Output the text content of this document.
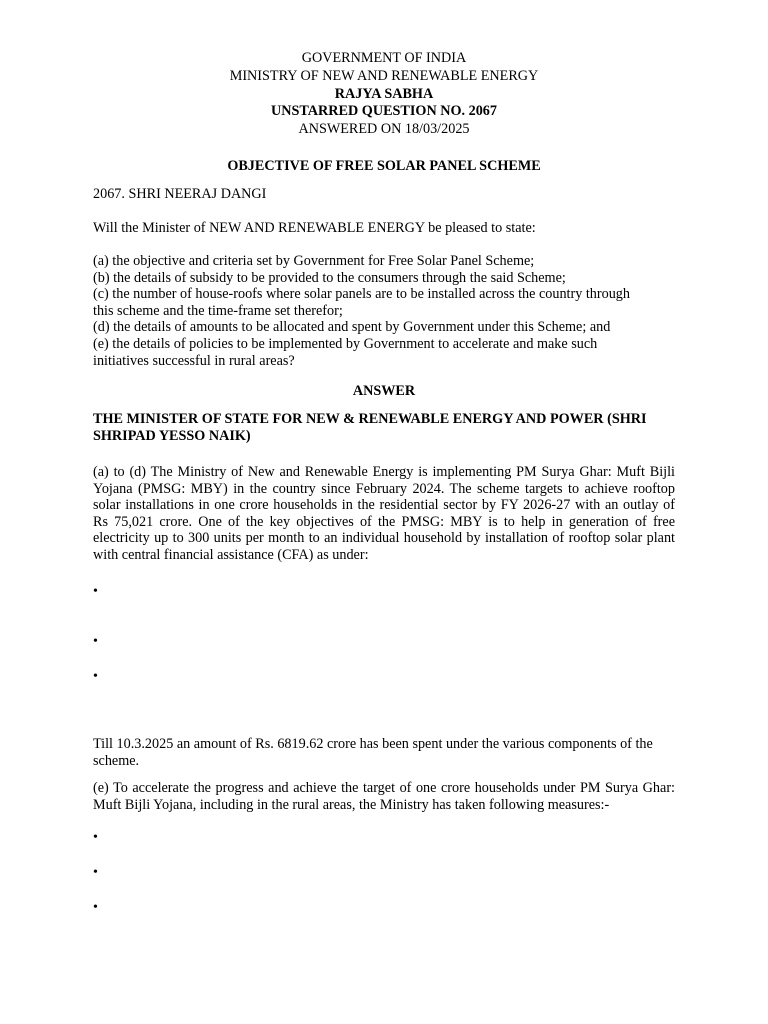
GOVERNMENT OF INDIA
MINISTRY OF NEW AND RENEWABLE ENERGY
RAJYA SABHA
UNSTARRED QUESTION NO. 2067
ANSWERED ON 18/03/2025
OBJECTIVE OF FREE SOLAR PANEL SCHEME
2067. SHRI NEERAJ DANGI
Will the Minister of NEW AND RENEWABLE ENERGY be pleased to state:

(a) the objective and criteria set by Government for Free Solar Panel Scheme;

(b) the details of subsidy to be provided to the consumers through the said Scheme;

(c) the number of house-roofs where solar panels are to be installed across the country through this scheme and the time-frame set therefor;

(d) the details of amounts to be allocated and spent by Government under this Scheme; and

(e) the details of policies to be implemented by Government to accelerate and make such initiatives successful in rural areas?

ANSWER
THE MINISTER OF STATE FOR NEW & RENEWABLE ENERGY AND POWER (SHRI SHRIPAD YESSO NAIK)
(a) to (d) The Ministry of New and Renewable Energy is implementing PM Surya Ghar: Muft Bijli Yojana (PMSG: MBY) in the country since February 2024. The scheme targets to achieve rooftop solar installations in one crore households in the residential sector by FY 2026-27 with an outlay of Rs 75,021 crore. One of the key objectives of the PMSG: MBY is to help in generation of free electricity up to 300 units per month to an individual household by installation of rooftop solar plant with central financial assistance (CFA) as under:
•
•
•
Till 10.3.2025 an amount of Rs. 6819.62 crore has been spent under the various components of the scheme.
(e) To accelerate the progress and achieve the target of one crore households under PM Surya Ghar: Muft Bijli Yojana, including in the rural areas, the Ministry has taken following measures:-
•
•
•
